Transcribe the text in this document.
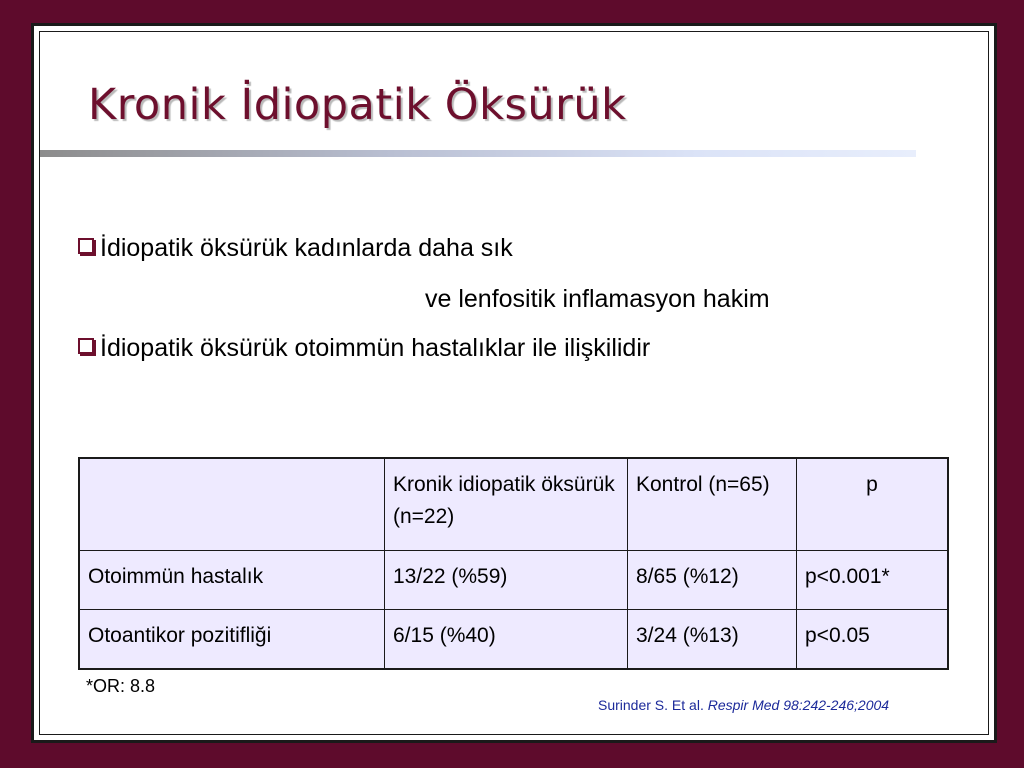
Kronik İdiopatik Öksürük
İdiopatik öksürük kadınlarda daha sık
ve lenfositik inflamasyon hakim
İdiopatik öksürük otoimmün hastalıklar ile ilişkilidir
	Kronik idiopatik öksürük (n=22)	Kontrol (n=65)	p
Otoimmün hastalık	13/22 (%59)	8/65 (%12)	p<0.001*
Otoantikor pozitifliği	6/15 (%40)	3/24 (%13)	p<0.05
*OR: 8.8
Surinder S. Et al. Respir Med 98:242-246;2004
